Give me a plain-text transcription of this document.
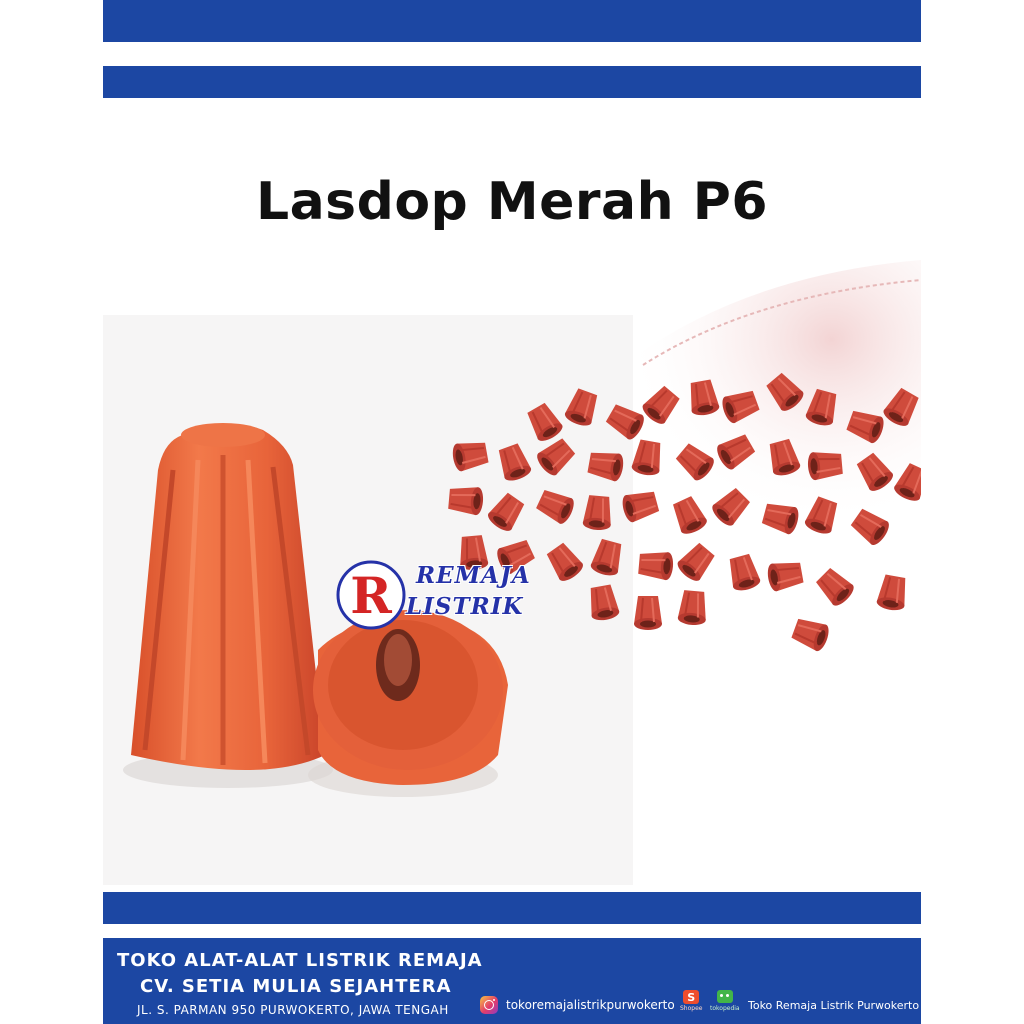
Lasdop Merah P6
R REMAJA
LISTRIK
TOKO ALAT-ALAT LISTRIK REMAJA
CV. SETIA MULIA SEJAHTERA
JL. S. PARMAN 950 PURWOKERTO, JAWA TENGAH	tokoremajalistrikpurwokerto
S
Shopee tokopedia Toko Remaja Listrik Purwokerto
